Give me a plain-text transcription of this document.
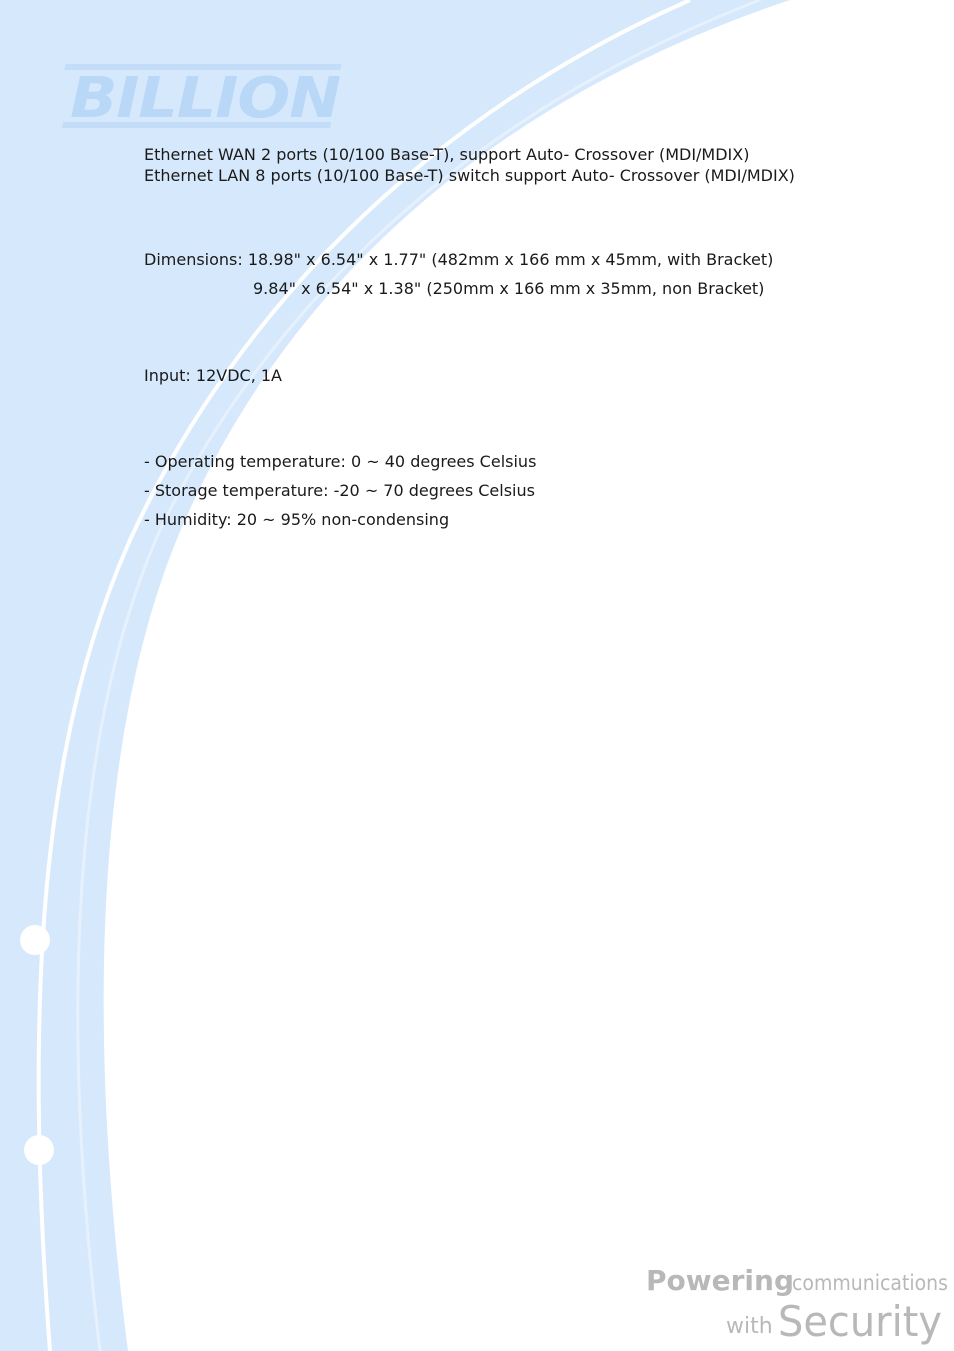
BILLION
Ethernet WAN 2 ports (10/100 Base-T), support Auto- Crossover (MDI/MDIX)
Ethernet LAN 8 ports (10/100 Base-T) switch support Auto- Crossover (MDI/MDIX)
Dimensions: 18.98" x 6.54" x 1.77" (482mm x 166 mm x 45mm, with Bracket)
9.84" x 6.54" x 1.38" (250mm x 166 mm x 35mm, non Bracket)
Input: 12VDC, 1A
- Operating temperature: 0 ~ 40 degrees Celsius
- Storage temperature: -20 ~ 70 degrees Celsius
- Humidity: 20 ~ 95% non-condensing
Powering
communications
with Security
